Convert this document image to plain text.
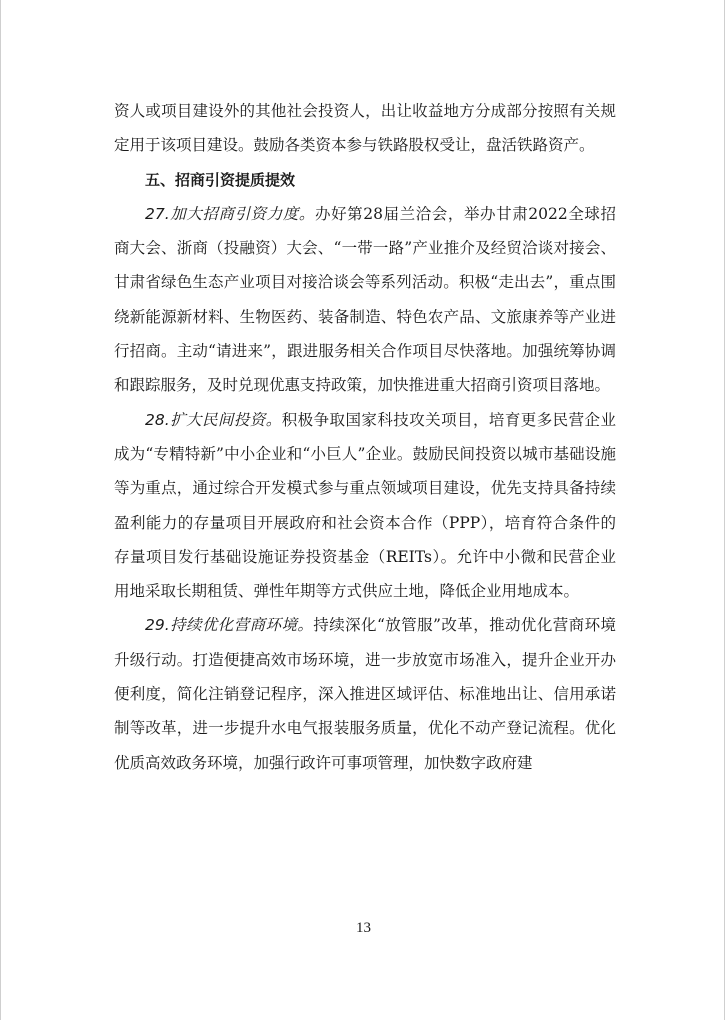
资人或项目建设外的其他社会投资人，出让收益地方分成部分按照有关规定用于该项目建设。鼓励各类资本参与铁路股权受让，盘活铁路资产。

五、招商引资提质提效

27.加大招商引资力度。办好第28届兰洽会，举办甘肃2022全球招商大会、浙商（投融资）大会、“一带一路”产业推介及经贸洽谈对接会、甘肃省绿色生态产业项目对接洽谈会等系列活动。积极“走出去”，重点围绕新能源新材料、生物医药、装备制造、特色农产品、文旅康养等产业进行招商。主动“请进来”，跟进服务相关合作项目尽快落地。加强统筹协调和跟踪服务，及时兑现优惠支持政策，加快推进重大招商引资项目落地。

28.扩大民间投资。积极争取国家科技攻关项目，培育更多民营企业成为“专精特新”中小企业和“小巨人”企业。鼓励民间投资以城市基础设施等为重点，通过综合开发模式参与重点领域项目建设，优先支持具备持续盈利能力的存量项目开展政府和社会资本合作（PPP），培育符合条件的存量项目发行基础设施证券投资基金（REITs）。允许中小微和民营企业用地采取长期租赁、弹性年期等方式供应土地，降低企业用地成本。

29.持续优化营商环境。持续深化“放管服”改革，推动优化营商环境升级行动。打造便捷高效市场环境，进一步放宽市场准入，提升企业开办便利度，简化注销登记程序，深入推进区域评估、标准地出让、信用承诺制等改革，进一步提升水电气报装服务质量，优化不动产登记流程。优化优质高效政务环境，加强行政许可事项管理，加快数字政府建

13
